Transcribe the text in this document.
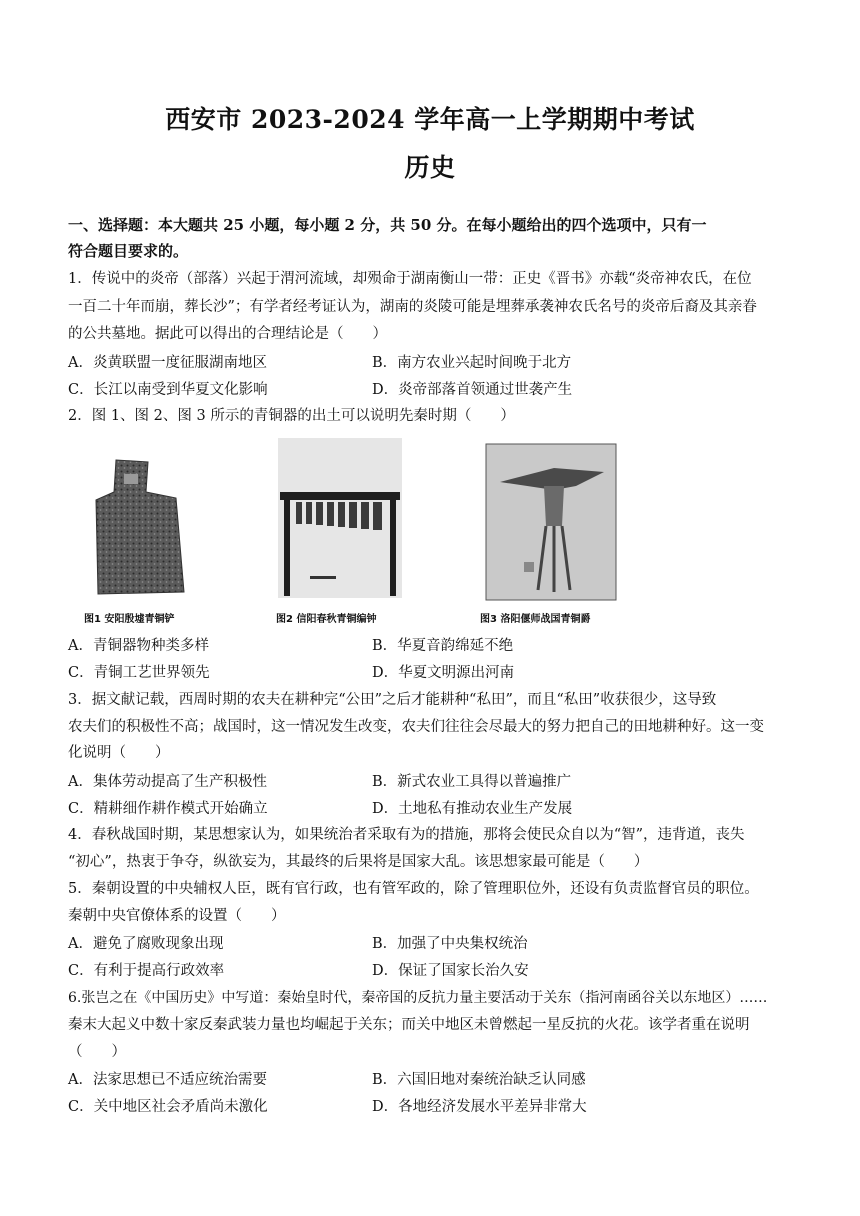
西安市 2023-2024 学年高一上学期期中考试
历史
一、选择题：本大题共 25 小题，每小题 2 分，共 50 分。在每小题给出的四个选项中，只有一
符合题目要求的。
1．传说中的炎帝（部落）兴起于渭河流域，却殒命于湖南衡山一带：正史《晋书》亦载“炎帝神农氏，在位
一百二十年而崩，葬长沙”；有学者经考证认为，湖南的炎陵可能是埋葬承袭神农氏名号的炎帝后裔及其亲眷
的公共墓地。据此可以得出的合理结论是（　　）
A．炎黄联盟一度征服湖南地区	B．南方农业兴起时间晚于北方
C．长江以南受到华夏文化影响	D．炎帝部落首领通过世袭产生
2．图 1、图 2、图 3 所示的青铜器的出土可以说明先秦时期（　　）
图1 安阳殷墟青铜铲	图2 信阳春秋青铜编钟	图3 洛阳偃师战国青铜爵
A．青铜器物种类多样	B．华夏音韵绵延不绝
C．青铜工艺世界领先	D．华夏文明源出河南
3．据文献记载，西周时期的农夫在耕种完“公田”之后才能耕种“私田”，而且“私田”收获很少，这导致
农夫们的积极性不高；战国时，这一情况发生改变，农夫们往往会尽最大的努力把自己的田地耕种好。这一变
化说明（　　）
A．集体劳动提高了生产积极性	B．新式农业工具得以普遍推广
C．精耕细作耕作模式开始确立	D．土地私有推动农业生产发展
4．春秋战国时期，某思想家认为，如果统治者采取有为的措施，那将会使民众自以为“智”，违背道，丧失
“初心”，热衷于争夺，纵欲妄为，其最终的后果将是国家大乱。该思想家最可能是（　　）
5．秦朝设置的中央辅权人臣，既有官行政，也有管军政的，除了管理职位外，还设有负责监督官员的职位。
秦朝中央官僚体系的设置（　　）
A．避免了腐败现象出现	B．加强了中央集权统治
C．有利于提高行政效率	D．保证了国家长治久安
6.张岂之在《中国历史》中写道：秦始皇时代，秦帝国的反抗力量主要活动于关东（指河南函谷关以东地区）……
秦末大起义中数十家反秦武装力量也均崛起于关东；而关中地区未曾燃起一星反抗的火花。该学者重在说明
（　　）
A．法家思想已不适应统治需要	B．六国旧地对秦统治缺乏认同感
C．关中地区社会矛盾尚未激化	D．各地经济发展水平差异非常大
